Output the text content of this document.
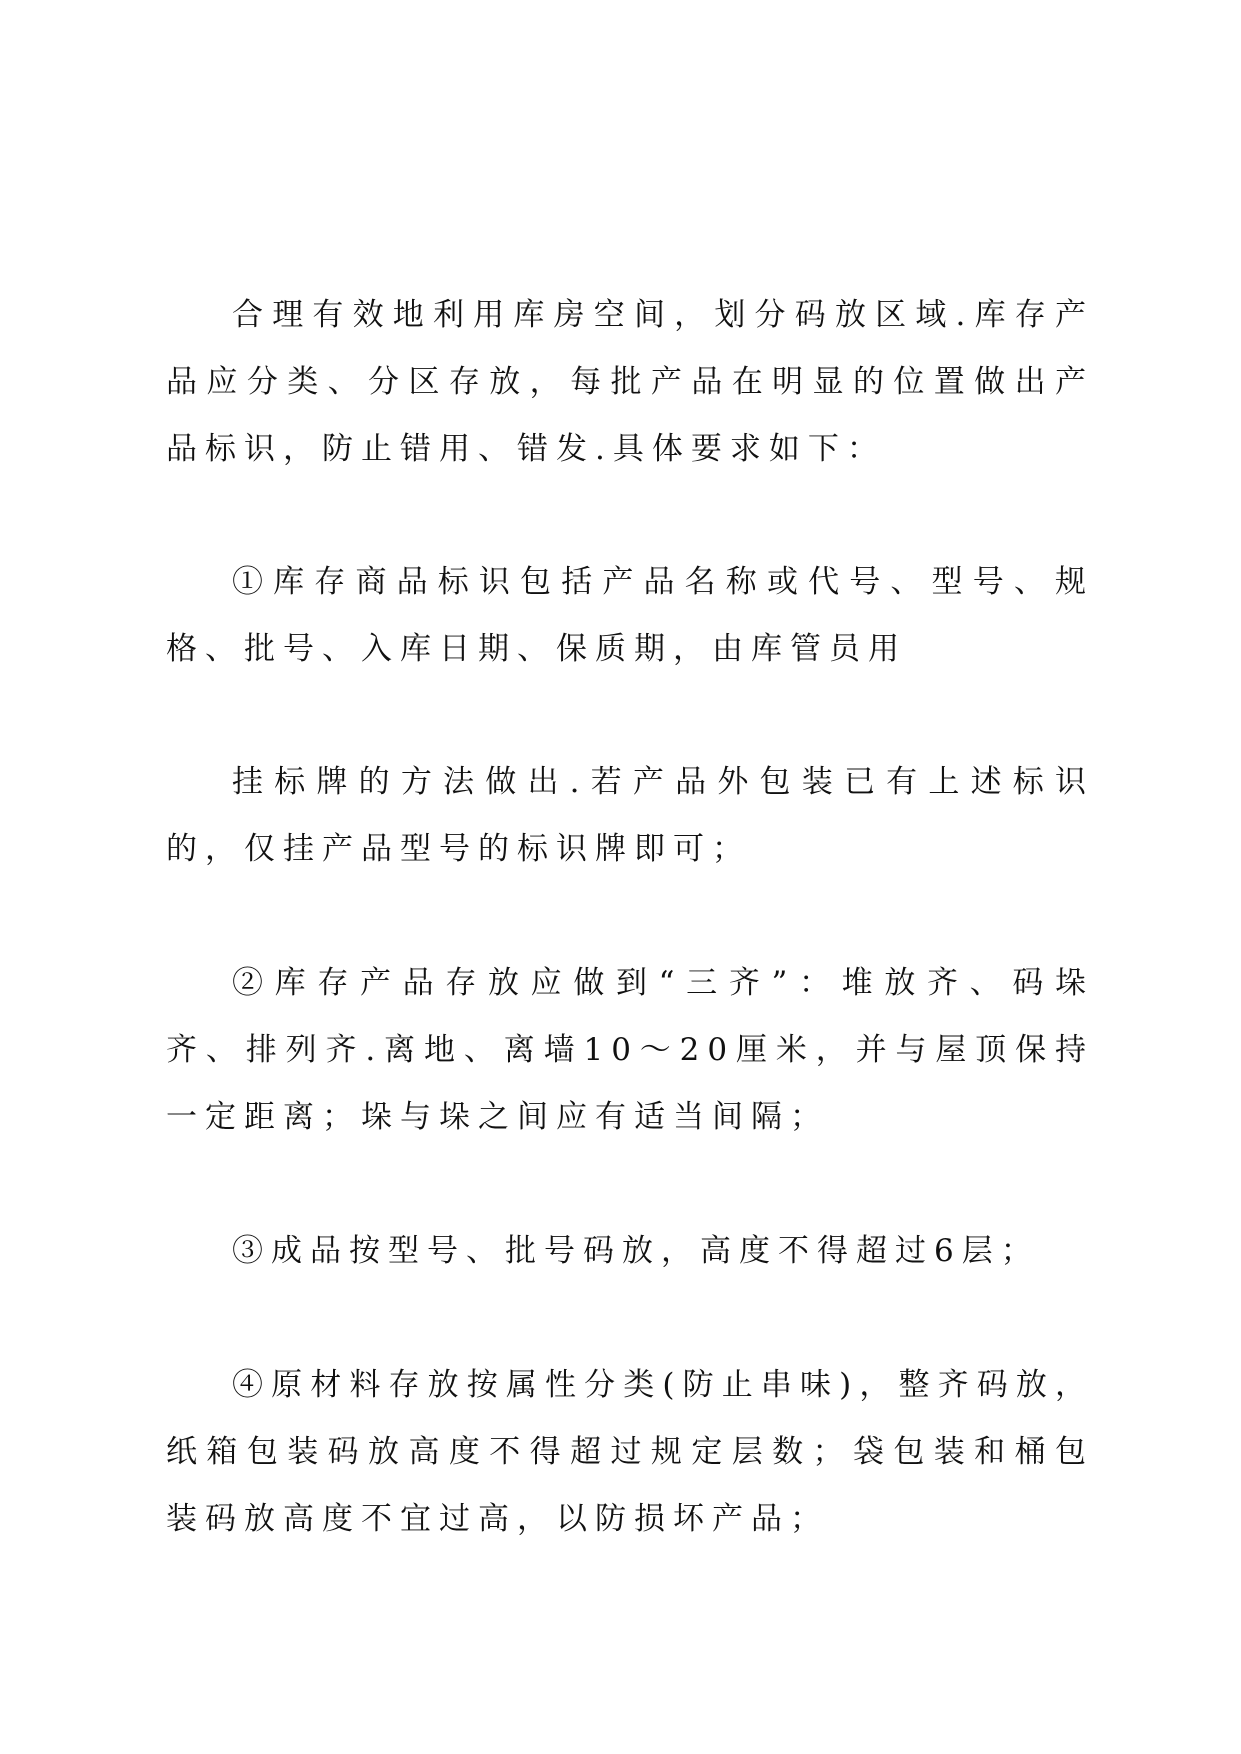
合理有效地利用库房空间，划分码放区域.库存产品应分类、分区存放，每批产品在明显的位置做出产品标识，防止错用、错发.具体要求如下：

①库存商品标识包括产品名称或代号、型号、规格、批号、入库日期、保质期，由库管员用

挂标牌的方法做出.若产品外包装已有上述标识的，仅挂产品型号的标识牌即可；

②库存产品存放应做到“三齐”：堆放齐、码垛齐、排列齐.离地、离墙10～20厘米，并与屋顶保持一定距离；垛与垛之间应有适当间隔；

③成品按型号、批号码放，高度不得超过6层；

④原材料存放按属性分类(防止串味)，整齐码放，纸箱包装码放高度不得超过规定层数；袋包装和桶包装码放高度不宜过高，以防损坏产品；
